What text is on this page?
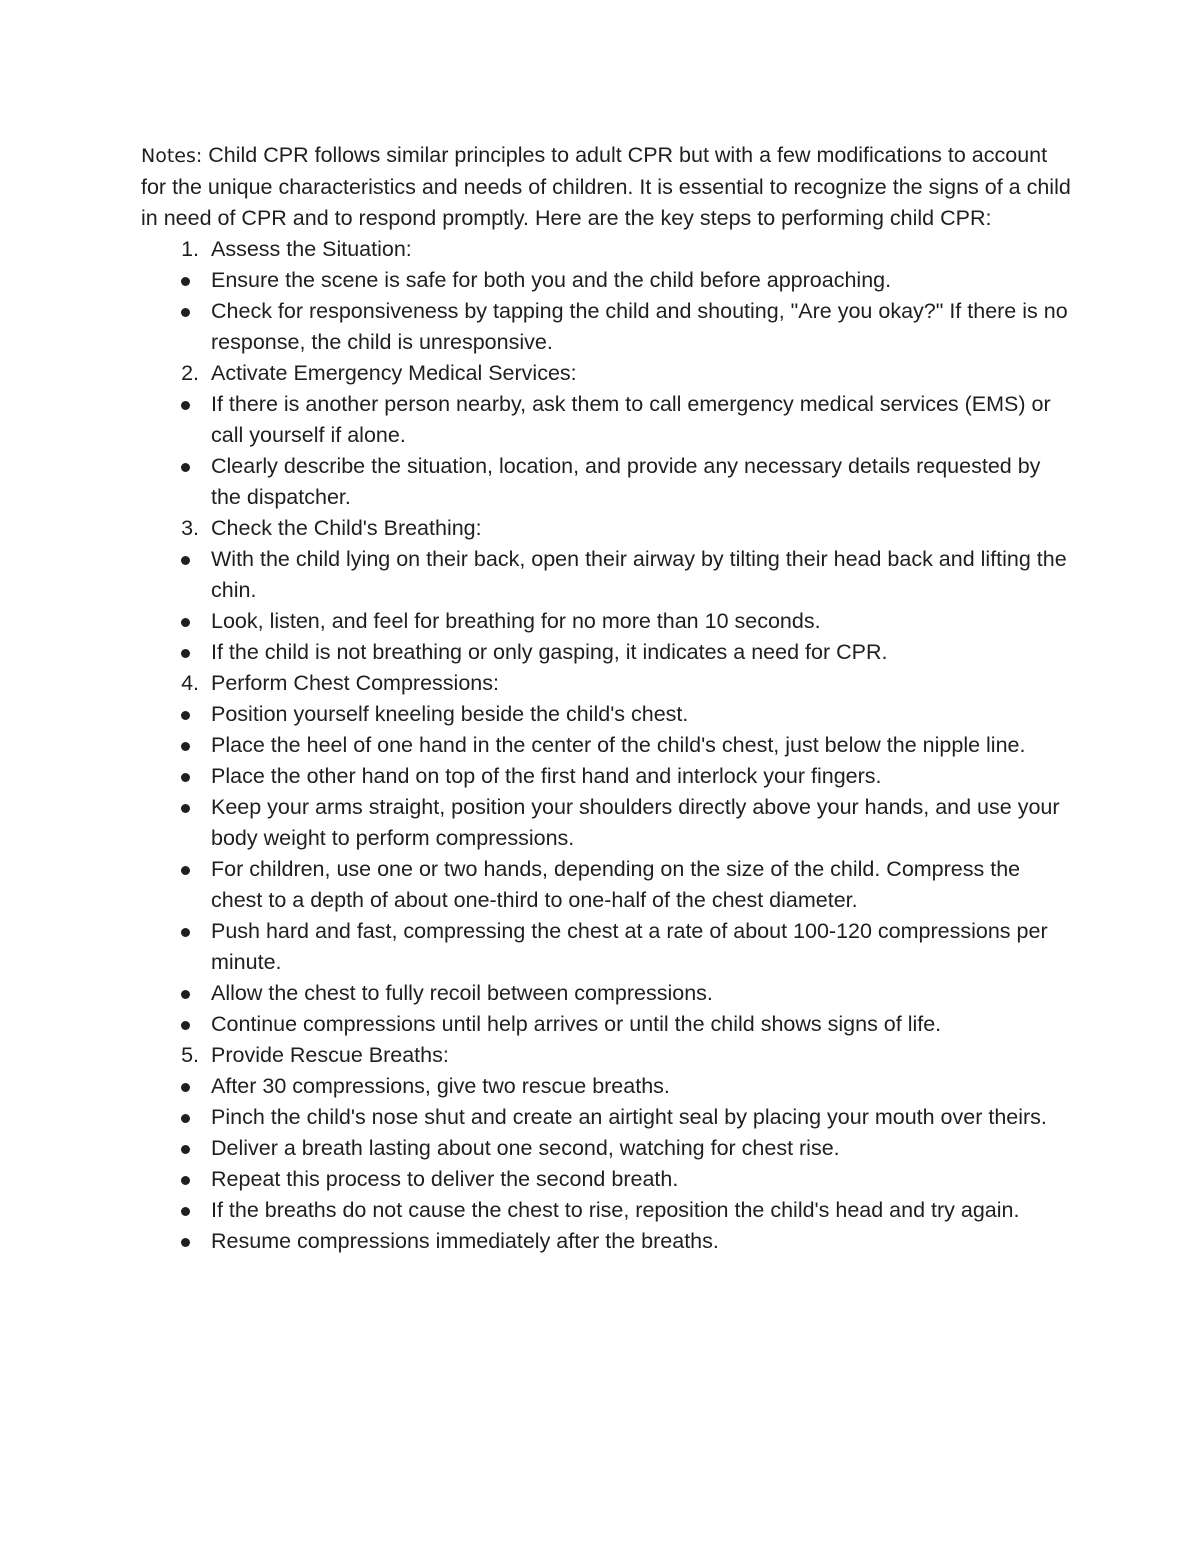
Notes: Child CPR follows similar principles to adult CPR but with a few modifications to account for the unique characteristics and needs of children. It is essential to recognize the signs of a child in need of CPR and to respond promptly. Here are the key steps to performing child CPR:

1. Assess the Situation:
Ensure the scene is safe for both you and the child before approaching.
Check for responsiveness by tapping the child and shouting, "Are you okay?" If there is no response, the child is unresponsive.
2. Activate Emergency Medical Services:
If there is another person nearby, ask them to call emergency medical services (EMS) or call yourself if alone.
Clearly describe the situation, location, and provide any necessary details requested by the dispatcher.
3. Check the Child's Breathing:
With the child lying on their back, open their airway by tilting their head back and lifting the chin.
Look, listen, and feel for breathing for no more than 10 seconds.
If the child is not breathing or only gasping, it indicates a need for CPR.
4. Perform Chest Compressions:
Position yourself kneeling beside the child's chest.
Place the heel of one hand in the center of the child's chest, just below the nipple line.
Place the other hand on top of the first hand and interlock your fingers.
Keep your arms straight, position your shoulders directly above your hands, and use your body weight to perform compressions.
For children, use one or two hands, depending on the size of the child. Compress the chest to a depth of about one-third to one-half of the chest diameter.
Push hard and fast, compressing the chest at a rate of about 100-120 compressions per minute.
Allow the chest to fully recoil between compressions.
Continue compressions until help arrives or until the child shows signs of life.
5. Provide Rescue Breaths:
After 30 compressions, give two rescue breaths.
Pinch the child's nose shut and create an airtight seal by placing your mouth over theirs.
Deliver a breath lasting about one second, watching for chest rise.
Repeat this process to deliver the second breath.
If the breaths do not cause the chest to rise, reposition the child's head and try again.
Resume compressions immediately after the breaths.
